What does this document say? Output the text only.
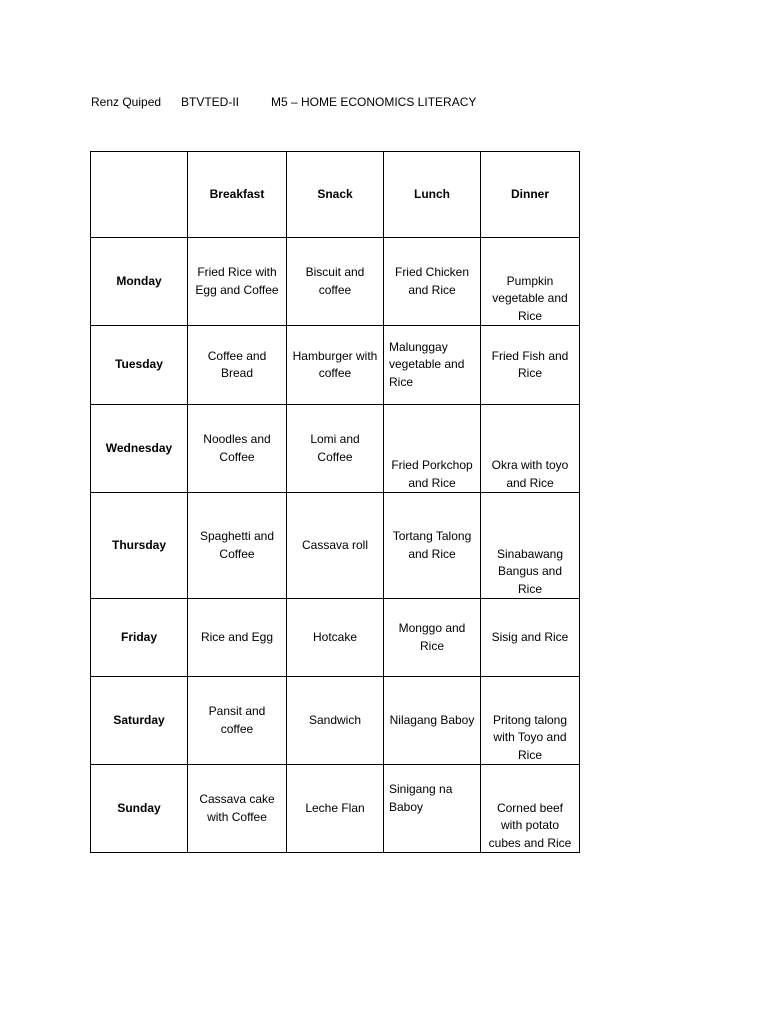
Renz Quiped BTVTED-II	M5 – HOME ECONOMICS LITERACY
	Breakfast	Snack	Lunch	Dinner
Monday	Fried Rice with Egg and Coffee	Biscuit and coffee	Fried Chicken and Rice	Pumpkin vegetable and Rice
Tuesday	Coffee and Bread	Hamburger with coffee	Malunggay vegetable and Rice	Fried Fish and Rice
Wednesday	Noodles and Coffee	Lomi and Coffee	Fried Porkchop and Rice	Okra with toyo and Rice
Thursday	Spaghetti and Coffee	Cassava roll	Tortang Talong and Rice	Sinabawang Bangus and Rice
Friday	Rice and Egg	Hotcake	Monggo and Rice	Sisig and Rice
Saturday	Pansit and coffee	Sandwich	Nilagang Baboy	Pritong talong with Toyo and Rice
Sunday	Cassava cake with Coffee	Leche Flan	Sinigang na Baboy	Corned beef with potato cubes and Rice
